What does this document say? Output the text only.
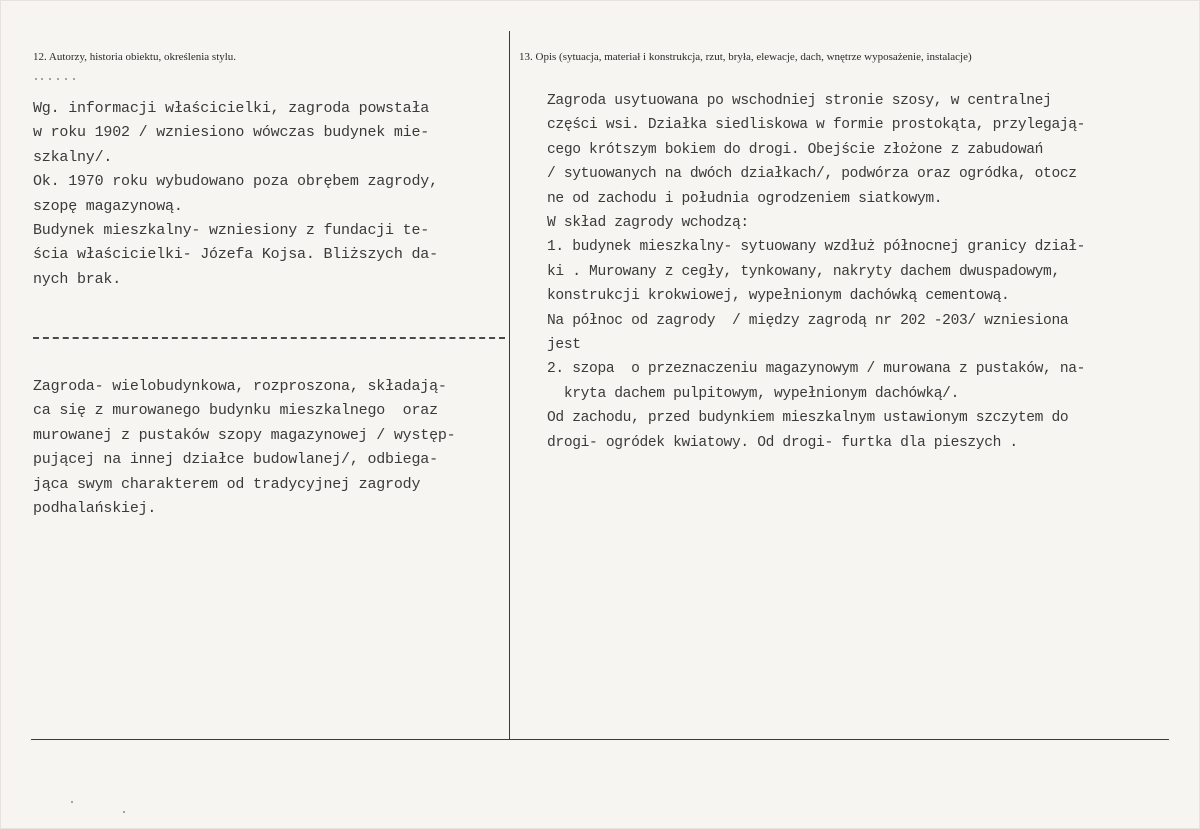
12. Autorzy, historia obiektu, określenia stylu.
Wg. informacji właścicielki, zagroda powstała
w roku 1902 / wzniesiono wówczas budynek mie-
szkalny/.
Ok. 1970 roku wybudowano poza obrębem zagrody,
szopę magazynową.
Budynek mieszkalny- wzniesiony z fundacji te-
ścia właścicielki- Józefa Kojsa. Bliższych da-
nych brak.
Zagroda- wielobudynkowa, rozproszona, składają-
ca się z murowanego budynku mieszkalnego  oraz
murowanej z pustaków szopy magazynowej / występ-
pującej na innej działce budowlanej/, odbiega-
jąca swym charakterem od tradycyjnej zagrody
podhalańskiej.
13. Opis (sytuacja, materiał i konstrukcja, rzut, bryła, elewacje, dach, wnętrze wyposażenie, instalacje)
Zagroda usytuowana po wschodniej stronie szosy, w centralnej
części wsi. Działka siedliskowa w formie prostokąta, przylegają-
cego krótszym bokiem do drogi. Obejście złożone z zabudowań
/ sytuowanych na dwóch działkach/, podwórza oraz ogródka, otocz
ne od zachodu i południa ogrodzeniem siatkowym.
W skład zagrody wchodzą:
1. budynek mieszkalny- sytuowany wzdłuż północnej granicy dział-
ki . Murowany z cegły, tynkowany, nakryty dachem dwuspadowym,
konstrukcji krokwiowej, wypełnionym dachówką cementową.
Na północ od zagrody  / między zagrodą nr 202 -203/ wzniesiona
jest
2. szopa  o przeznaczeniu magazynowym / murowana z pustaków, na-
kryta dachem pulpitowym, wypełnionym dachówką/.
Od zachodu, przed budynkiem mieszkalnym ustawionym szczytem do
drogi- ogródek kwiatowy. Od drogi- furtka dla pieszych .
